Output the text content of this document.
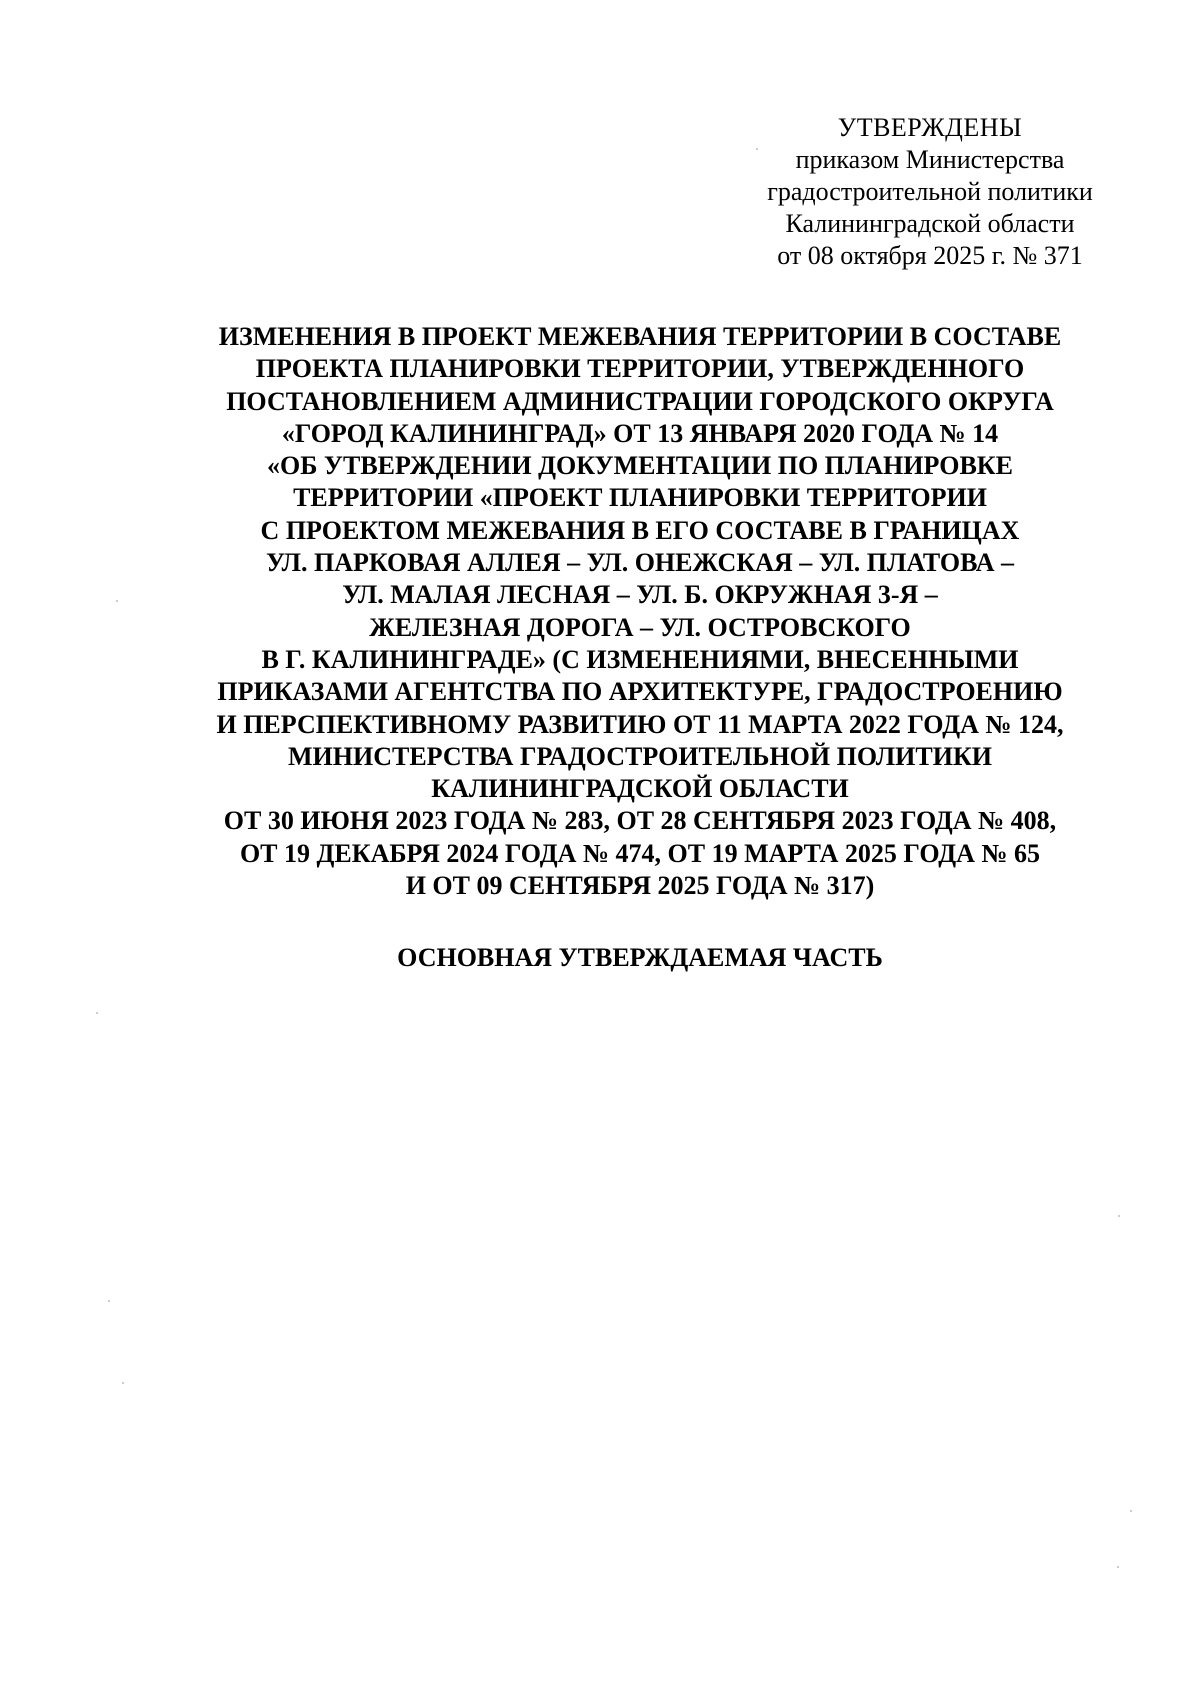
УТВЕРЖДЕНЫ
приказом Министерства
градостроительной политики
Калининградской области
от 08 октября 2025 г. № 371
ИЗМЕНЕНИЯ В ПРОЕКТ МЕЖЕВАНИЯ ТЕРРИТОРИИ В СОСТАВЕ
ПРОЕКТА ПЛАНИРОВКИ ТЕРРИТОРИИ, УТВЕРЖДЕННОГО
ПОСТАНОВЛЕНИЕМ АДМИНИСТРАЦИИ ГОРОДСКОГО ОКРУГА
«ГОРОД КАЛИНИНГРАД» ОТ 13 ЯНВАРЯ 2020 ГОДА № 14
«ОБ УТВЕРЖДЕНИИ ДОКУМЕНТАЦИИ ПО ПЛАНИРОВКЕ
ТЕРРИТОРИИ «ПРОЕКТ ПЛАНИРОВКИ ТЕРРИТОРИИ
С ПРОЕКТОМ МЕЖЕВАНИЯ В ЕГО СОСТАВЕ В ГРАНИЦАХ
УЛ. ПАРКОВАЯ АЛЛЕЯ – УЛ. ОНЕЖСКАЯ – УЛ. ПЛАТОВА –
УЛ. МАЛАЯ ЛЕСНАЯ – УЛ. Б. ОКРУЖНАЯ 3-Я –
ЖЕЛЕЗНАЯ ДОРОГА – УЛ. ОСТРОВСКОГО
В Г. КАЛИНИНГРАДЕ» (С ИЗМЕНЕНИЯМИ, ВНЕСЕННЫМИ
ПРИКАЗАМИ АГЕНТСТВА ПО АРХИТЕКТУРЕ, ГРАДОСТРОЕНИЮ
И ПЕРСПЕКТИВНОМУ РАЗВИТИЮ ОТ 11 МАРТА 2022 ГОДА № 124,
МИНИСТЕРСТВА ГРАДОСТРОИТЕЛЬНОЙ ПОЛИТИКИ
КАЛИНИНГРАДСКОЙ ОБЛАСТИ
ОТ 30 ИЮНЯ 2023 ГОДА № 283, ОТ 28 СЕНТЯБРЯ 2023 ГОДА № 408,
ОТ 19 ДЕКАБРЯ 2024 ГОДА № 474, ОТ 19 МАРТА 2025 ГОДА № 65
И ОТ 09 СЕНТЯБРЯ 2025 ГОДА № 317)
ОСНОВНАЯ УТВЕРЖДАЕМАЯ ЧАСТЬ
